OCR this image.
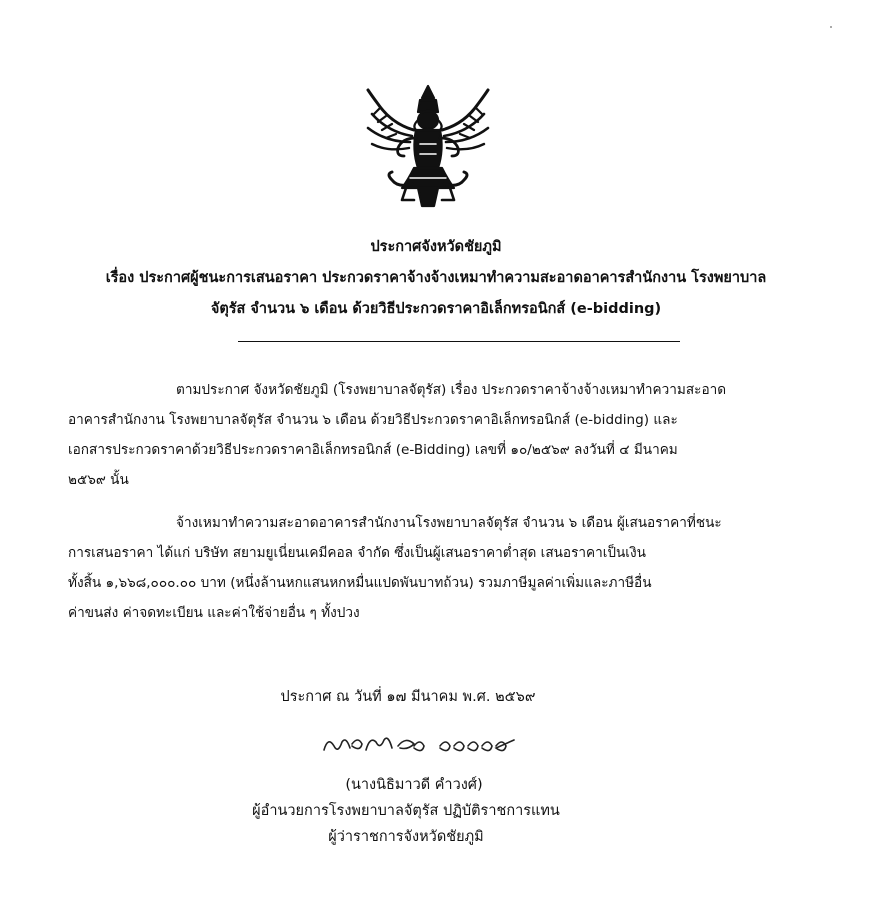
ประกาศจังหวัดชัยภูมิ
เรื่อง ประกาศผู้ชนะการเสนอราคา ประกวดราคาจ้างจ้างเหมาทำความสะอาดอาคารสำนักงาน โรงพยาบาล
จัตุรัส จำนวน ๖ เดือน ด้วยวิธีประกวดราคาอิเล็กทรอนิกส์ (e-bidding)
ตามประกาศ จังหวัดชัยภูมิ (โรงพยาบาลจัตุรัส) เรื่อง ประกวดราคาจ้างจ้างเหมาทำความสะอาด
อาคารสำนักงาน โรงพยาบาลจัตุรัส จำนวน ๖ เดือน ด้วยวิธีประกวดราคาอิเล็กทรอนิกส์ (e-bidding) และ
เอกสารประกวดราคาด้วยวิธีประกวดราคาอิเล็กทรอนิกส์ (e-Bidding) เลขที่ ๑๐/๒๕๖๙ ลงวันที่ ๔ มีนาคม
๒๕๖๙ นั้น
จ้างเหมาทำความสะอาดอาคารสำนักงานโรงพยาบาลจัตุรัส จำนวน ๖ เดือน ผู้เสนอราคาที่ชนะ
การเสนอราคา ได้แก่ บริษัท สยามยูเนี่ยนเคมีคอล จำกัด ซึ่งเป็นผู้เสนอราคาต่ำสุด เสนอราคาเป็นเงิน
ทั้งสิ้น ๑,๖๖๘,๐๐๐.๐๐ บาท (หนึ่งล้านหกแสนหกหมื่นแปดพันบาทถ้วน) รวมภาษีมูลค่าเพิ่มและภาษีอื่น
ค่าขนส่ง ค่าจดทะเบียน และค่าใช้จ่ายอื่น ๆ ทั้งปวง
ประกาศ ณ วันที่ ๑๗ มีนาคม พ.ศ. ๒๕๖๙
(นางนิธิมาวดี คำวงศ์)
ผู้อำนวยการโรงพยาบาลจัตุรัส ปฏิบัติราชการแทน
ผู้ว่าราชการจังหวัดชัยภูมิ
